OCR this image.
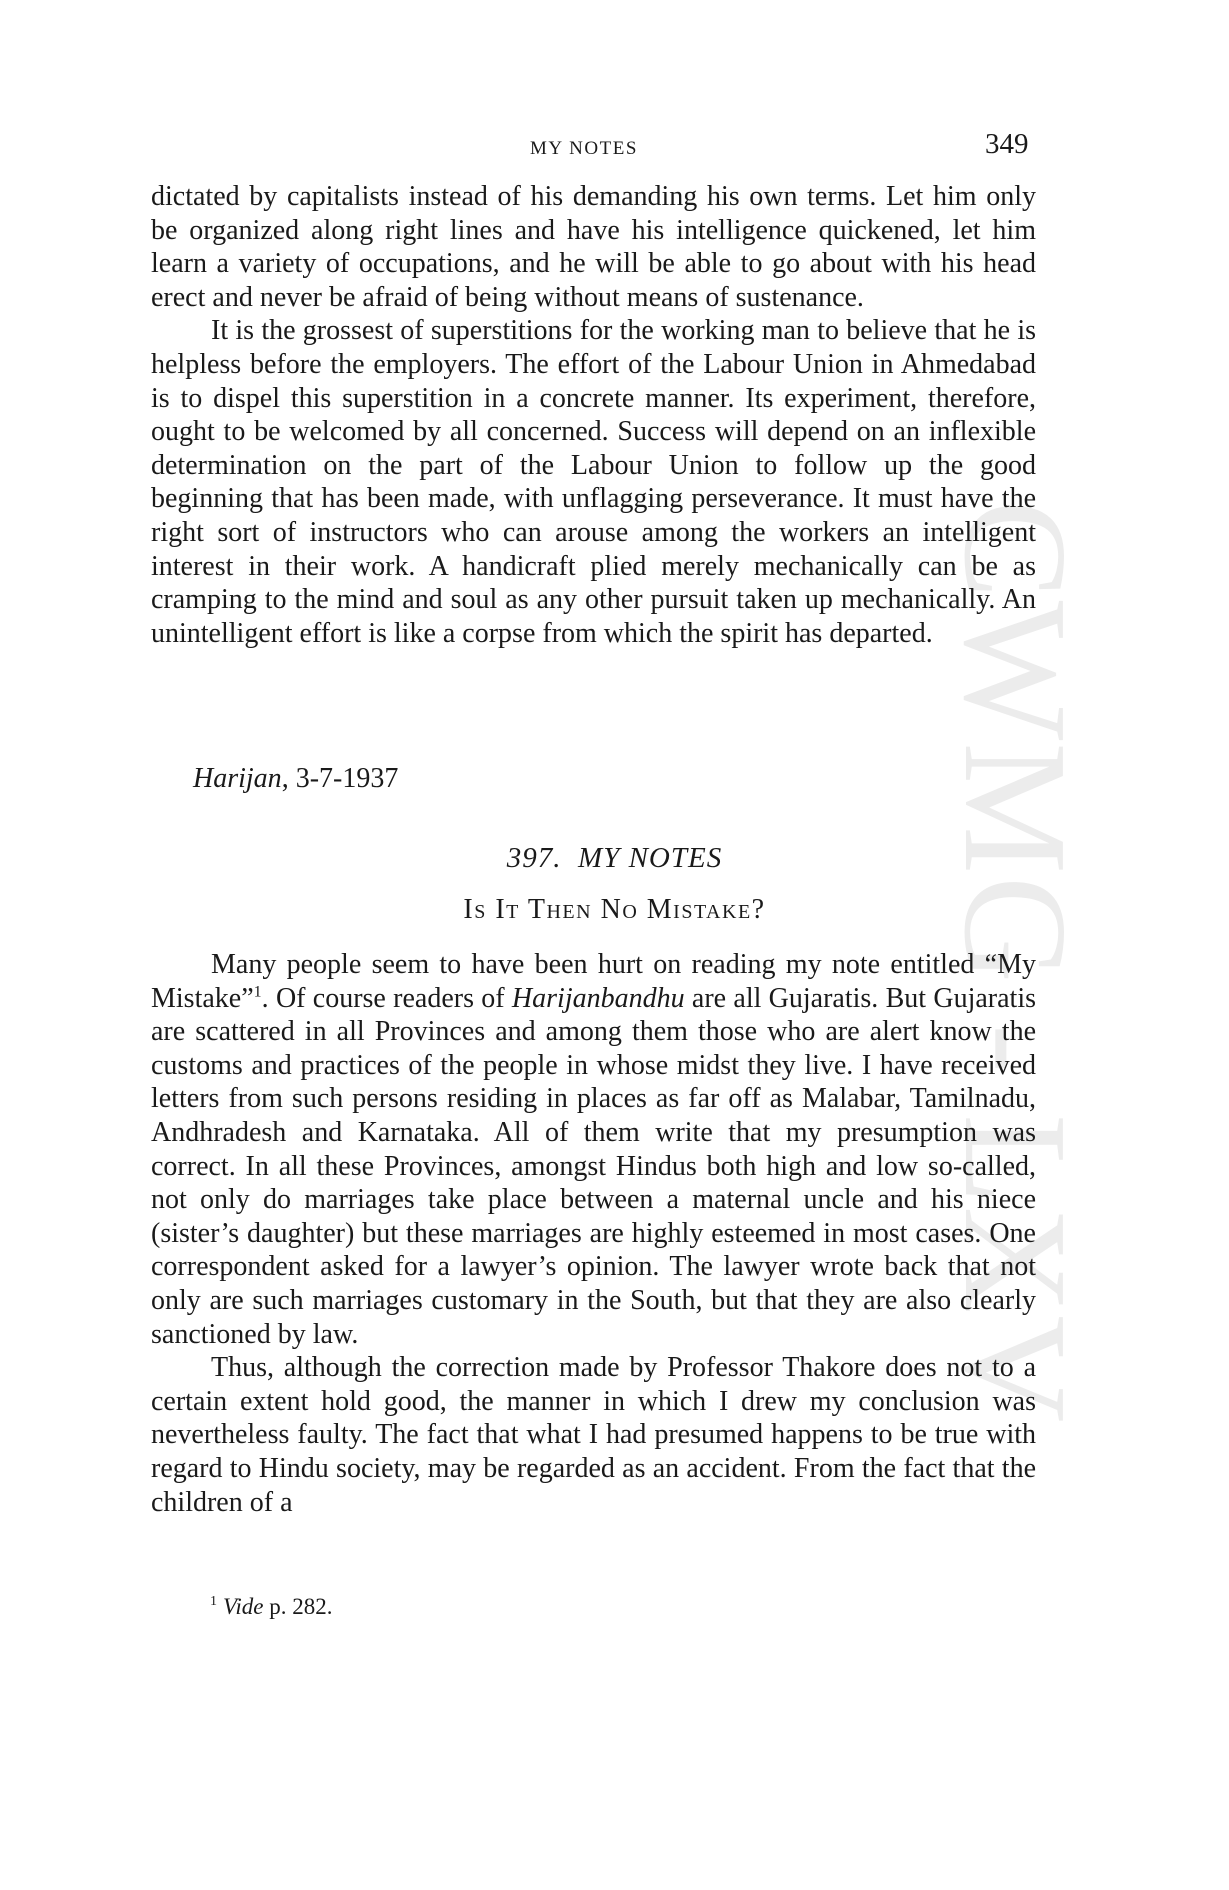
CWMG - LXV
MY NOTES	349

dictated by capitalists instead of his demanding his own terms. Let him only be organized along right lines and have his intelligence quickened, let him learn a variety of occupations, and he will be able to go about with his head erect and never be afraid of being without means of sustenance.

It is the grossest of superstitions for the working man to believe that he is helpless before the employers. The effort of the Labour Union in Ahmedabad is to dispel this superstition in a concrete manner. Its experiment, therefore, ought to be welcomed by all concerned. Success will depend on an inflexible determination on the part of the Labour Union to follow up the good beginning that has been made, with unflagging perseverance. It must have the right sort of instructors who can arouse among the workers an intelligent interest in their work. A handicraft plied merely mechanically can be as cramping to the mind and soul as any other pursuit taken up mechanically. An unintelligent effort is like a corpse from which the spirit has departed.

Harijan, 3-7-1937
397. MY NOTES
Is It Then No Mistake?

Many people seem to have been hurt on reading my note entitled “My Mistake”$^1$. Of course readers of Harijanbandhu are all Gujaratis. But Gujaratis are scattered in all Provinces and among them those who are alert know the customs and practices of the people in whose midst they live. I have received letters from such persons residing in places as far off as Malabar, Tamilnadu, Andhradesh and Karnataka. All of them write that my presumption was correct. In all these Provinces, amongst Hindus both high and low so-called, not only do marriages take place between a maternal uncle and his niece (sister’s daughter) but these marriages are highly esteemed in most cases. One correspondent asked for a lawyer’s opinion. The lawyer wrote back that not only are such marriages customary in the South, but that they are also clearly sanctioned by law.

Thus, although the correction made by Professor Thakore does not to a certain extent hold good, the manner in which I drew my conclusion was nevertheless faulty. The fact that what I had presumed happens to be true with regard to Hindu society, may be regarded as an accident. From the fact that the children of a

$^1$ Vide p. 282.
